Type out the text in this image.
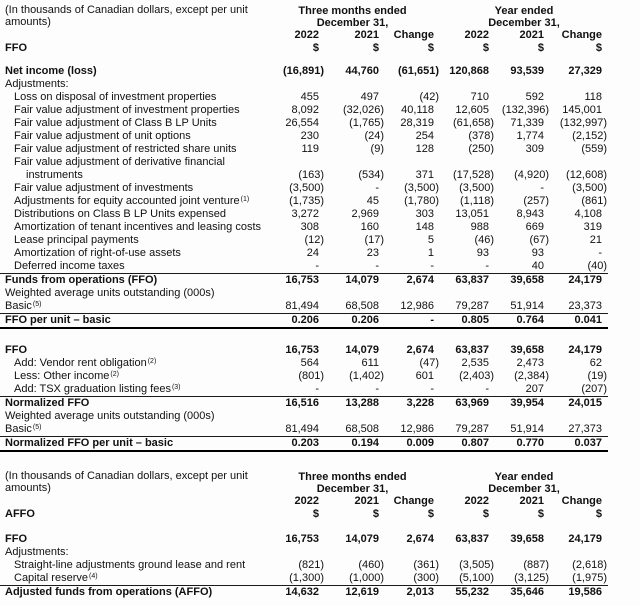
(In thousands of Canadian dollars, except per unit amounts)	Three months ended
December 31,			Year ended
December 31,		
	2022	2021	Change	2022	2021	Change
FFO	$	$	$	$	$	$

Net income (loss)	(16,891)	44,760	(61,651)	120,868	93,539	27,329
Adjustments:						
Loss on disposal of investment properties	455	497	(42)	710	592	118
Fair value adjustment of investment properties	8,092	(32,026)	40,118	12,605	(132,396)	145,001
Fair value adjustment of Class B LP Units	26,554	(1,765)	28,319	(61,658)	71,339	(132,997)
Fair value adjustment of unit options	230	(24)	254	(378)	1,774	(2,152)
Fair value adjustment of restricted share units	119	(9)	128	(250)	309	(559)
Fair value adjustment of derivative financial						
instruments	(163)	(534)	371	(17,528)	(4,920)	(12,608)
Fair value adjustment of investments	(3,500)	-	(3,500)	(3,500)	-	(3,500)
Adjustments for equity accounted joint venture$^{(1)}$	(1,735)	45	(1,780)	(1,118)	(257)	(861)
Distributions on Class B LP Units expensed	3,272	2,969	303	13,051	8,943	4,108
Amortization of tenant incentives and leasing costs	308	160	148	988	669	319
Lease principal payments	(12)	(17)	5	(46)	(67)	21
Amortization of right-of-use assets	24	23	1	93	93	-
Deferred income taxes	-	-	-	-	40	(40)
Funds from operations (FFO)	16,753	14,079	2,674	63,837	39,658	24,179
Weighted average units outstanding (000s)						
Basic$^{(5)}$	81,494	68,508	12,986	79,287	51,914	23,373
FFO per unit – basic	0.206	0.206	-	0.805	0.764	0.041

FFO	16,753	14,079	2,674	63,837	39,658	24,179
Add: Vendor rent obligation$^{(2)}$	564	611	(47)	2,535	2,473	62
Less: Other income$^{(2)}$	(801)	(1,402)	601	(2,403)	(2,384)	(19)
Add: TSX graduation listing fees$^{(3)}$	-	-	-	-	207	(207)
Normalized FFO	16,516	13,288	3,228	63,969	39,954	24,015
Weighted average units outstanding (000s)						
Basic$^{(5)}$	81,494	68,508	12,986	79,287	51,914	27,373
Normalized FFO per unit – basic	0.203	0.194	0.009	0.807	0.770	0.037
(In thousands of Canadian dollars, except per unit amounts)	Three months ended
December 31,			Year ended
December 31,		
	2022	2021	Change	2022	2021	Change
AFFO	$	$	$	$	$	$

FFO	16,753	14,079	2,674	63,837	39,658	24,179
Adjustments:						
Straight-line adjustments ground lease and rent	(821)	(460)	(361)	(3,505)	(887)	(2,618)
Capital reserve$^{(4)}$	(1,300)	(1,000)	(300)	(5,100)	(3,125)	(1,975)
Adjusted funds from operations (AFFO)	14,632	12,619	2,013	55,232	35,646	19,586
